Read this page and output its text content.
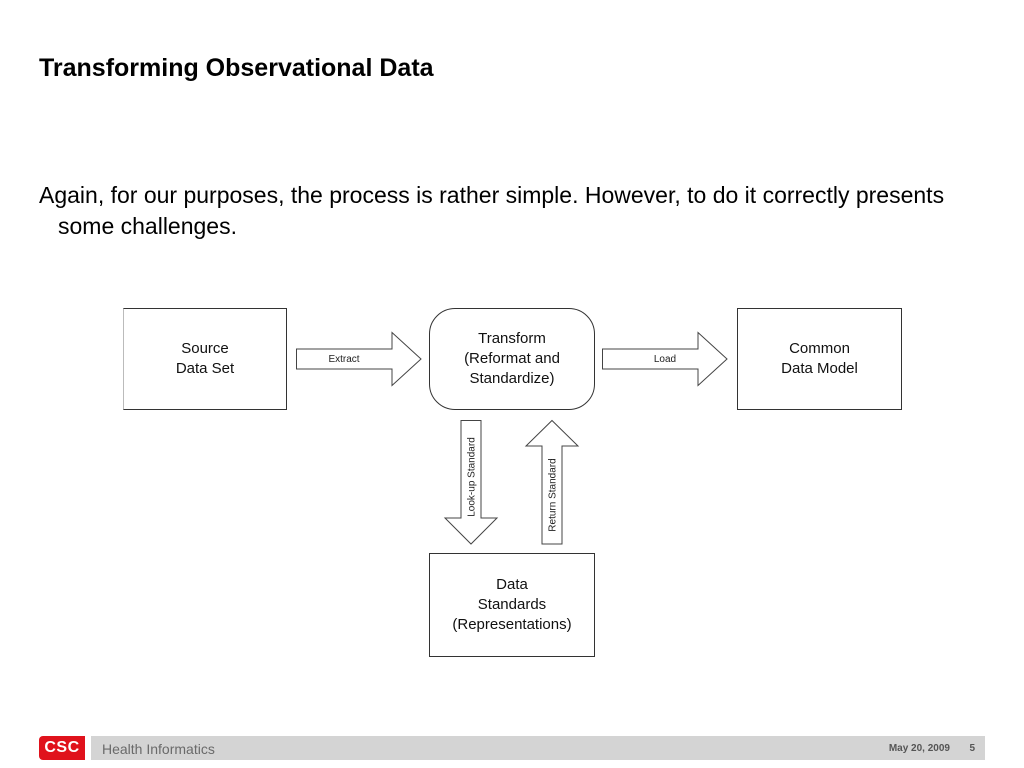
Transforming Observational Data
Again, for our purposes, the process is rather simple. However, to do it correctly presents some challenges.
Source
Data Set
Transform
(Reformat and
Standardize)
Common
Data Model
Data
Standards
(Representations)
Extract	Load
Look-up Standard	Return Standard
CSC	Health Informatics	May 20, 2009 5
